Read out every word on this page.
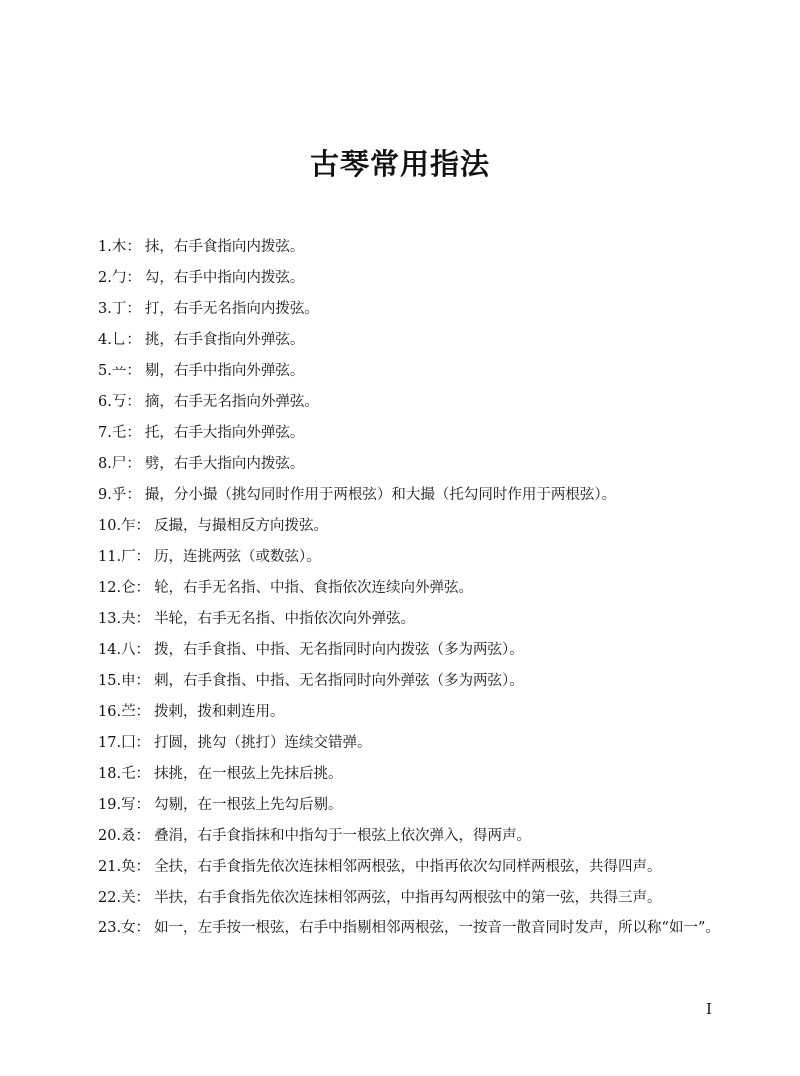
古琴常用指法
1.木： 抹，右手食指向内拨弦。
2.勹： 勾，右手中指向内拨弦。
3.丁： 打，右手无名指向内拨弦。
4.乚： 挑，右手食指向外弹弦。
5.䒑： 剔，右手中指向外弹弦。
6.丂： 摘，右手无名指向外弹弦。
7.乇： 托，右手大指向外弹弦。
8.尸： 劈，右手大指向内拨弦。
9.乎： 撮，分小撮（挑勾同时作用于两根弦）和大撮（托勾同时作用于两根弦）。
10.乍： 反撮，与撮相反方向拨弦。
11.厂： 历，连挑两弦（或数弦）。
12.仑： 轮，右手无名指、中指、食指依次连续向外弹弦。
13.夬： 半轮，右手无名指、中指依次向外弹弦。
14.八： 拨，右手食指、中指、无名指同时向内拨弦（多为两弦）。
15.申： 剌，右手食指、中指、无名指同时向外弹弦（多为两弦）。
16.苎： 拨剌，拨和剌连用。
17.囗： 打圆，挑勾（挑打）连续交错弹。
18.乇： 抹挑，在一根弦上先抹后挑。
19.写： 勾剔，在一根弦上先勾后剔。
20.叒： 叠涓，右手食指抹和中指勾于一根弦上依次弹入，得两声。
21.奂： 全扶，右手食指先依次连抹相邻两根弦，中指再依次勾同样两根弦，共得四声。
22.关： 半扶，右手食指先依次连抹相邻两弦，中指再勾两根弦中的第一弦，共得三声。
23.女： 如一，左手按一根弦，右手中指剔相邻两根弦，一按音一散音同时发声，所以称“如一”。
I
